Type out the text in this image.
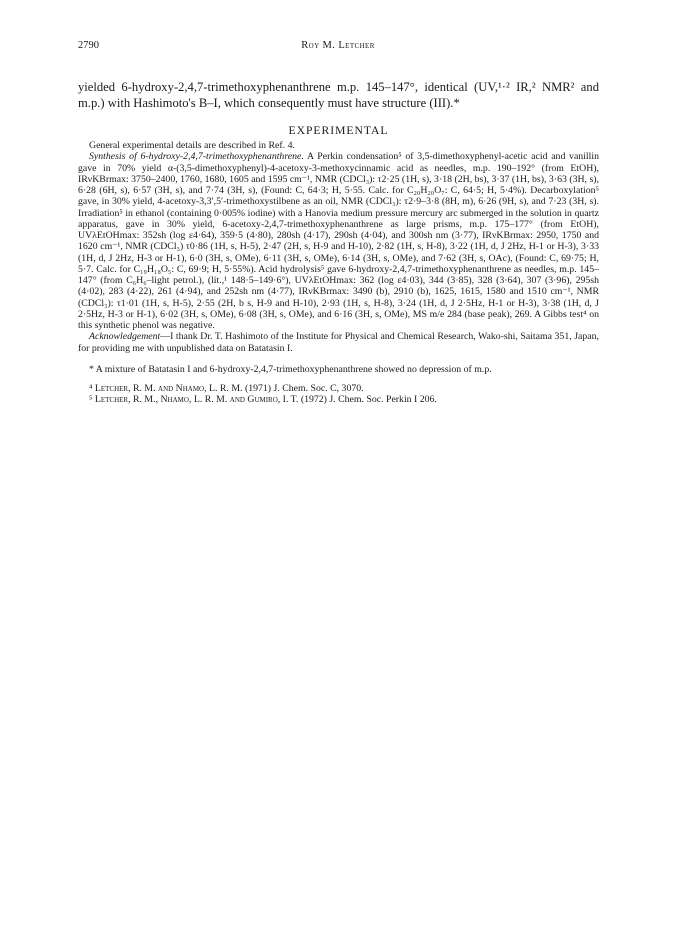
2790	Roy M. Letcher

yielded 6-hydroxy-2,4,7-trimethoxyphenanthrene m.p. 145–147°, identical (UV,¹·² IR,² NMR² and m.p.) with Hashimoto's B–I, which consequently must have structure (III).*

EXPERIMENTAL

General experimental details are described in Ref. 4.

Synthesis of 6-hydroxy-2,4,7-trimethoxyphenanthrene. A Perkin condensation⁵ of 3,5-dimethoxyphenyl-acetic acid and vanillin gave in 70% yield α-(3,5-dimethoxyphenyl)-4-acetoxy-3-methoxycinnamic acid as needles, m.p. 190–192° (from EtOH), IRνKBrmax: 3750–2400, 1760, 1680, 1605 and 1595 cm⁻¹, NMR (CDCl₃): τ2·25 (1H, s), 3·18 (2H, bs), 3·37 (1H, bs), 3·63 (3H, s), 6·28 (6H, s), 6·57 (3H, s), and 7·74 (3H, s), (Found: C, 64·3; H, 5·55. Calc. for C₂₀H₂₀O₇: C, 64·5; H, 5·4%). Decarboxylation⁵ gave, in 30% yield, 4-acetoxy-3,3′,5′-trimethoxystilbene as an oil, NMR (CDCl₃): τ2·9–3·8 (8H, m), 6·26 (9H, s), and 7·23 (3H, s). Irradiation⁵ in ethanol (containing 0·005% iodine) with a Hanovia medium pressure mercury arc submerged in the solution in quartz apparatus, gave in 30% yield, 6-acetoxy-2,4,7-trimethoxyphenanthrene as large prisms, m.p. 175–177° (from EtOH), UVλEtOHmax: 352sh (log ε4·64), 359·5 (4·80), 280sh (4·17), 290sh (4·04), and 300sh nm (3·77), IRνKBrmax: 2950, 1750 and 1620 cm⁻¹, NMR (CDCl₃) τ0·86 (1H, s, H-5), 2·47 (2H, s, H-9 and H-10), 2·82 (1H, s, H-8), 3·22 (1H, d, J 2Hz, H-1 or H-3), 3·33 (1H, d, J 2Hz, H-3 or H-1), 6·0 (3H, s, OMe), 6·11 (3H, s, OMe), 6·14 (3H, s, OMe), and 7·62 (3H, s, OAc), (Found: C, 69·75; H, 5·7. Calc. for C₁₉H₁₈O₅: C, 69·9; H, 5·55%). Acid hydrolysis⁵ gave 6-hydroxy-2,4,7-trimethoxyphenanthrene as needles, m.p. 145–147° (from C₆H₆–light petrol.), (lit.,¹ 148·5–149·6°), UVλEtOHmax: 362 (log ε4·03), 344 (3·85), 328 (3·64), 307 (3·96), 295sh (4·02), 283 (4·22), 261 (4·94), and 252sh nm (4·77), IRνKBrmax: 3490 (b), 2910 (b), 1625, 1615, 1580 and 1510 cm⁻¹, NMR (CDCl₃): τ1·01 (1H, s, H-5), 2·55 (2H, b s, H-9 and H-10), 2·93 (1H, s, H-8), 3·24 (1H, d, J 2·5Hz, H-1 or H-3), 3·38 (1H, d, J 2·5Hz, H-3 or H-1), 6·02 (3H, s, OMe), 6·08 (3H, s, OMe), and 6·16 (3H, s, OMe), MS m/e 284 (base peak), 269. A Gibbs test⁴ on this synthetic phenol was negative.

Acknowledgement—I thank Dr. T. Hashimoto of the Institute for Physical and Chemical Research, Wako-shi, Saitama 351, Japan, for providing me with unpublished data on Batatasin I.

* A mixture of Batatasin I and 6-hydroxy-2,4,7-trimethoxyphenanthrene showed no depression of m.p.

⁴ Letcher, R. M. and Nhamo, L. R. M. (1971) J. Chem. Soc. C, 3070.

⁵ Letcher, R. M., Nhamo, L. R. M. and Gumiro, I. T. (1972) J. Chem. Soc. Perkin I 206.
